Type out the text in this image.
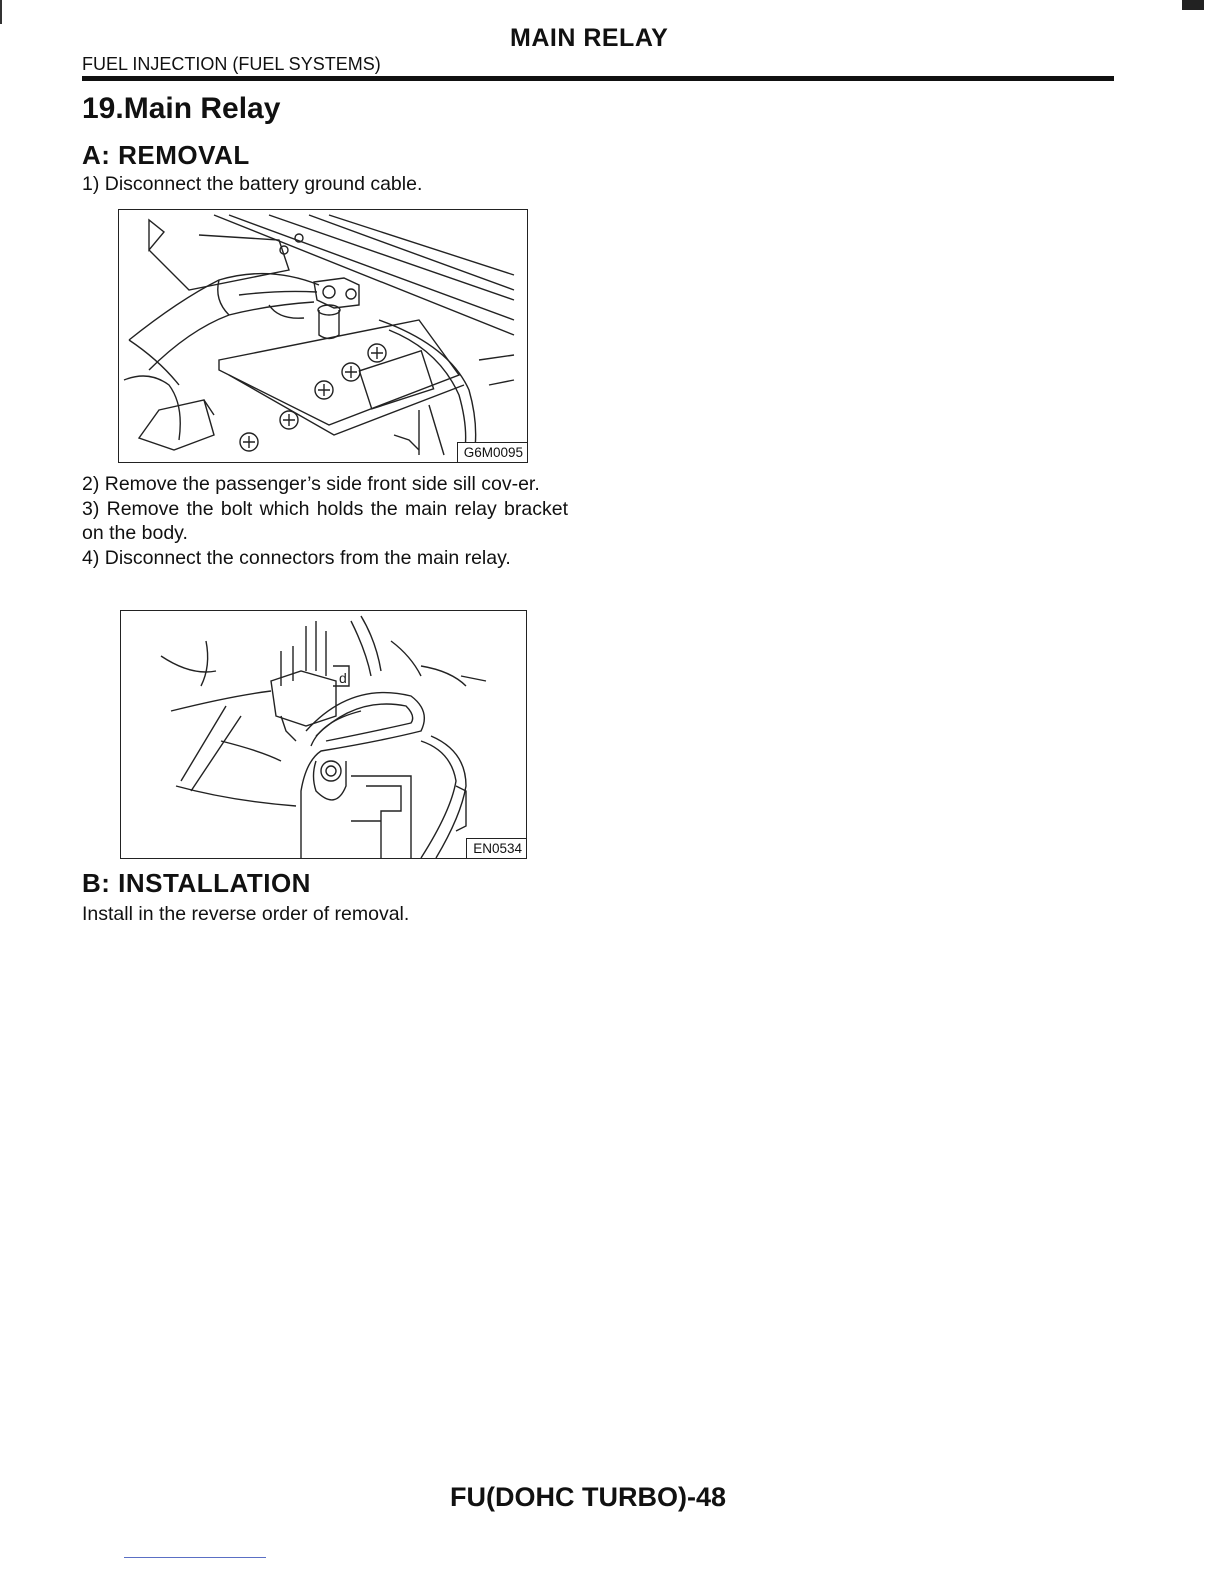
MAIN RELAY
FUEL INJECTION (FUEL SYSTEMS)
19.Main Relay
A: REMOVAL
1) Disconnect the battery ground cable.
G6M0095

2) Remove the passenger’s side front side sill cov-er.

3) Remove the bolt which holds the main relay bracket on the body.

4) Disconnect the connectors from the main relay.

d
EN0534
B: INSTALLATION
Install in the reverse order of removal.
FU(DOHC TURBO)-48
